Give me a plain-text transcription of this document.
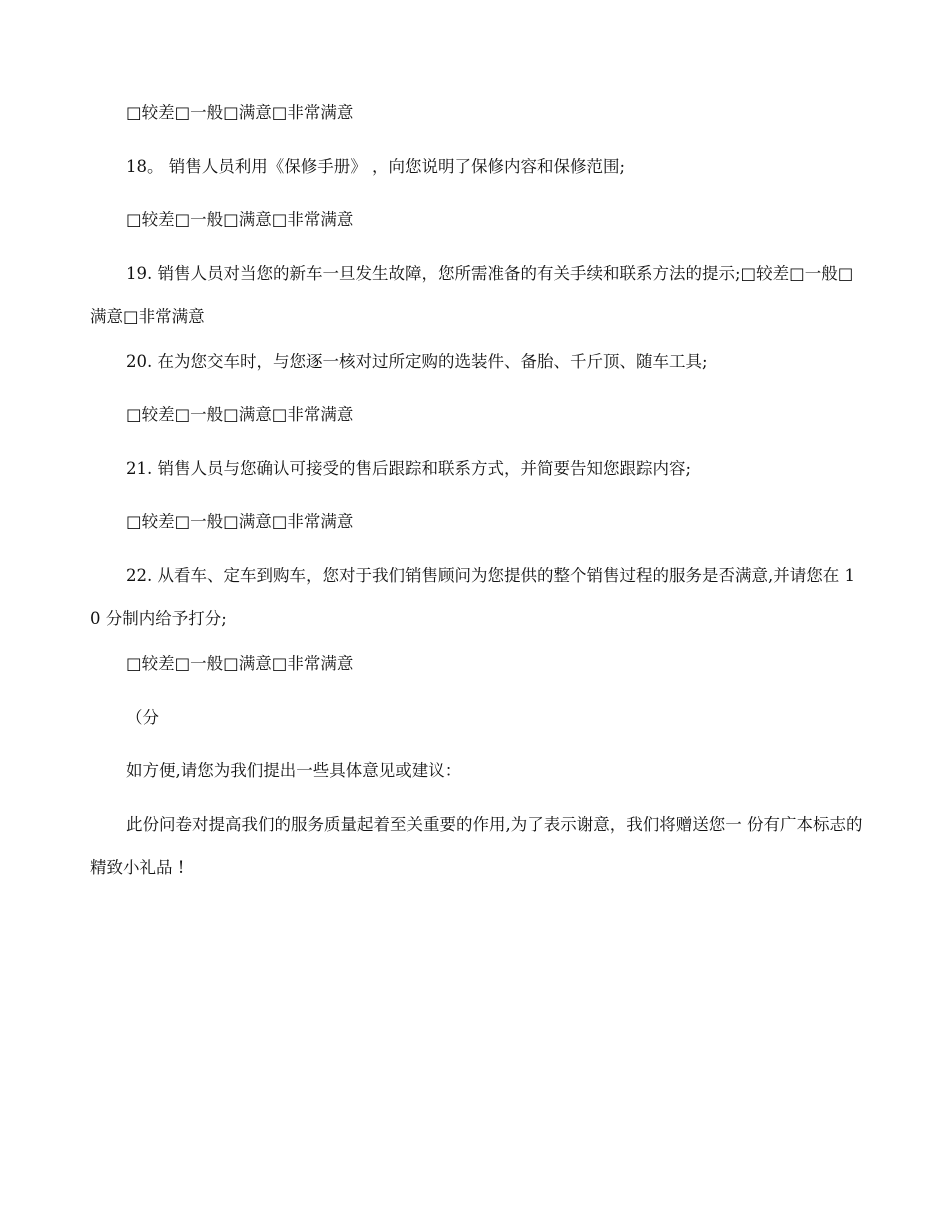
□较差□一般□满意□非常满意
18。 销售人员利用《保修手册》 ，向您说明了保修内容和保修范围;
□较差□一般□满意□非常满意
19. 销售人员对当您的新车一旦发生故障，您所需准备的有关手续和联系方法的提示;□较差□一般□满意□非常满意
20. 在为您交车时，与您逐一核对过所定购的选装件、备胎、千斤顶、随车工具;
□较差□一般□满意□非常满意
21. 销售人员与您确认可接受的售后跟踪和联系方式，并简要告知您跟踪内容;
□较差□一般□满意□非常满意
22. 从看车、定车到购车，您对于我们销售顾问为您提供的整个销售过程的服务是否满意,并请您在 10 分制内给予打分;
□较差□一般□满意□非常满意
（分
如方便,请您为我们提出一些具体意见或建议：
此份问卷对提高我们的服务质量起着至关重要的作用,为了表示谢意，我们将赠送您一 份有广本标志的精致小礼品 !
